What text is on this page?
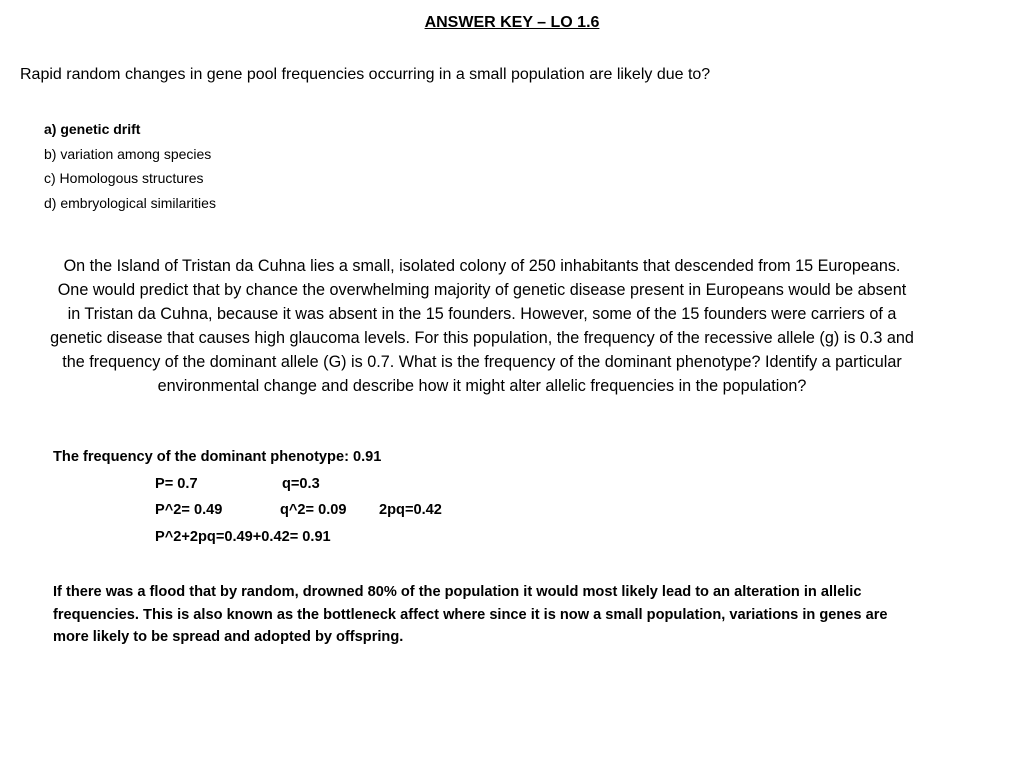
ANSWER KEY – LO 1.6
Rapid random changes in gene pool frequencies occurring in a small population are likely due to?
a) genetic drift
b) variation among species
c) Homologous structures
d) embryological similarities
On the Island of Tristan da Cuhna lies a small, isolated colony of 250 inhabitants that descended from 15 Europeans. One would predict that by chance the overwhelming majority of genetic disease present in Europeans would be absent in Tristan da Cuhna, because it was absent in the 15 founders. However, some of the 15 founders were carriers of a genetic disease that causes high glaucoma levels. For this population, the frequency of the recessive allele (g) is 0.3 and the frequency of the dominant allele (G) is 0.7. What is the frequency of the dominant phenotype? Identify a particular environmental change and describe how it might alter allelic frequencies in the population?
The frequency of the dominant phenotype: 0.91
P= 0.7	q=0.3
P^2= 0.49	q^2= 0.09 2pq=0.42
P^2+2pq=0.49+0.42= 0.91
If there was a flood that by random, drowned 80% of the population it would most likely lead to an alteration in allelic frequencies. This is also known as the bottleneck affect where since it is now a small population, variations in genes are more likely to be spread and adopted by offspring.
